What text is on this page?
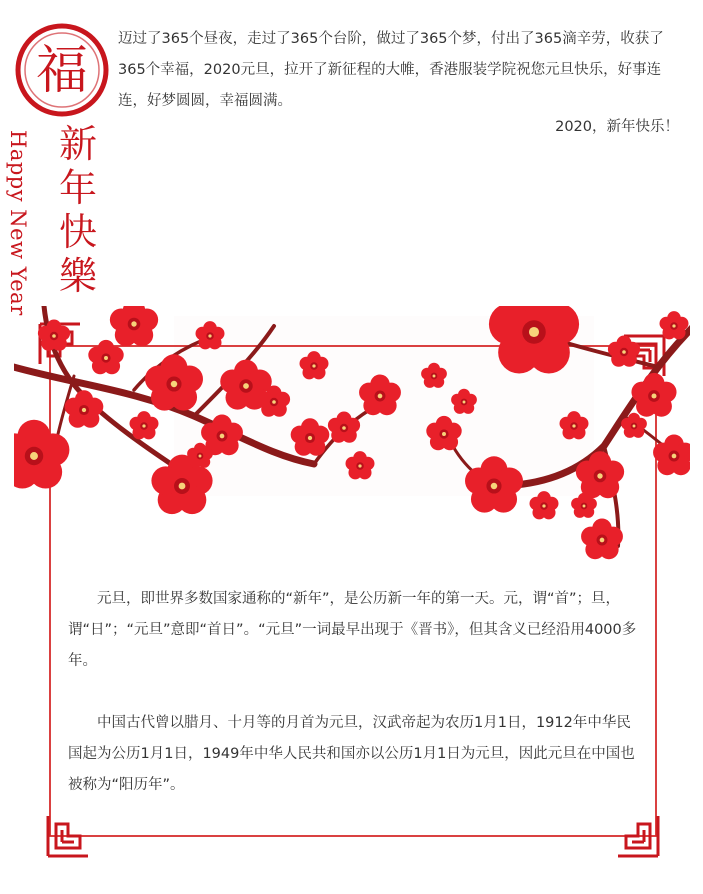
福
Happy New Year 新
年
快
樂
迈过了365个昼夜，走过了365个台阶，做过了365个梦，付出了365滴辛劳，收获了365个幸福，2020元旦，拉开了新征程的大帷，香港服装学院祝您元旦快乐，好事连连，好梦圆圆，幸福圆满。
2020，新年快乐！

元旦，即世界多数国家通称的“新年”，是公历新一年的第一天。元，谓“首”；旦，谓“日”；“元旦”意即“首日”。“元旦”一词最早出现于《晋书》，但其含义已经沿用4000多年。

中国古代曾以腊月、十月等的月首为元旦，汉武帝起为农历1月1日，1912年中华民国起为公历1月1日，1949年中华人民共和国亦以公历1月1日为元旦，因此元旦在中国也被称为“阳历年”。
